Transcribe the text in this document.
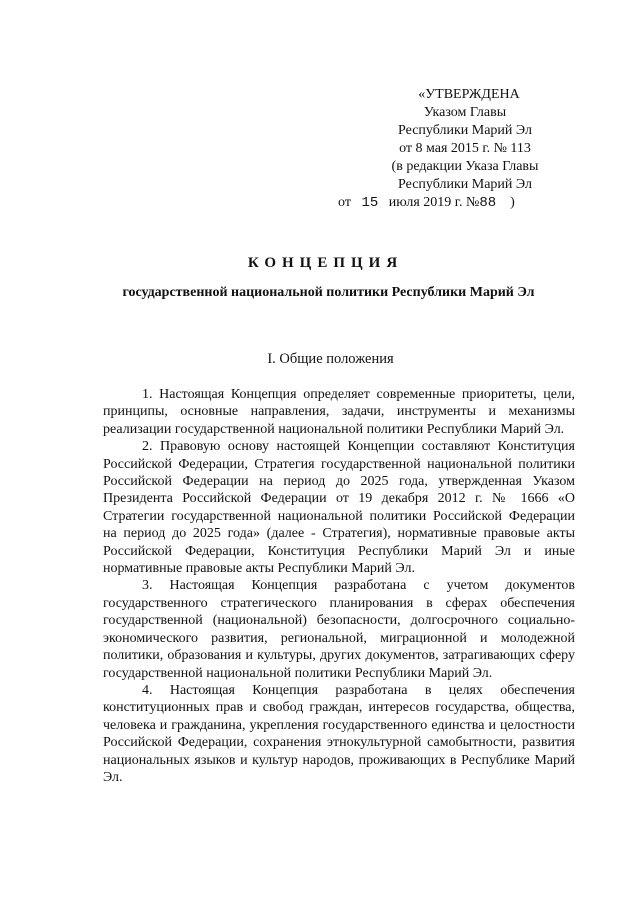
«УТВЕРЖДЕНА
Указом Главы
Республики Марий Эл
от 8 мая 2015 г. № 113
(в редакции Указа Главы
Республики Марий Эл
от 15 июля 2019 г. №88 )
КОНЦЕПЦИЯ
государственной национальной политики Республики Марий Эл
I. Общие положения

1. Настоящая Концепция определяет современные приоритеты, цели, принципы, основные направления, задачи, инструменты и механизмы реализации государственной национальной политики Республики Марий Эл.

2. Правовую основу настоящей Концепции составляют Конституция Российской Федерации, Стратегия государственной национальной политики Российской Федерации на период до 2025 года, утвержденная Указом Президента Российской Федерации от 19 декабря 2012 г. № 1666 «О Стратегии государственной национальной политики Российской Федерации на период до 2025 года» (далее - Стратегия), нормативные правовые акты Российской Федерации, Конституция Республики Марий Эл и иные нормативные правовые акты Республики Марий Эл.

3. Настоящая Концепция разработана с учетом документов государственного стратегического планирования в сферах обеспечения государственной (национальной) безопасности, долгосрочного социально-экономического развития, региональной, миграционной и молодежной политики, образования и культуры, других документов, затрагивающих сферу государственной национальной политики Республики Марий Эл.

4. Настоящая Концепция разработана в целях обеспечения конституционных прав и свобод граждан, интересов государства, общества, человека и гражданина, укрепления государственного единства и целостности Российской Федерации, сохранения этнокультурной самобытности, развития национальных языков и культур народов, проживающих в Республике Марий Эл.
